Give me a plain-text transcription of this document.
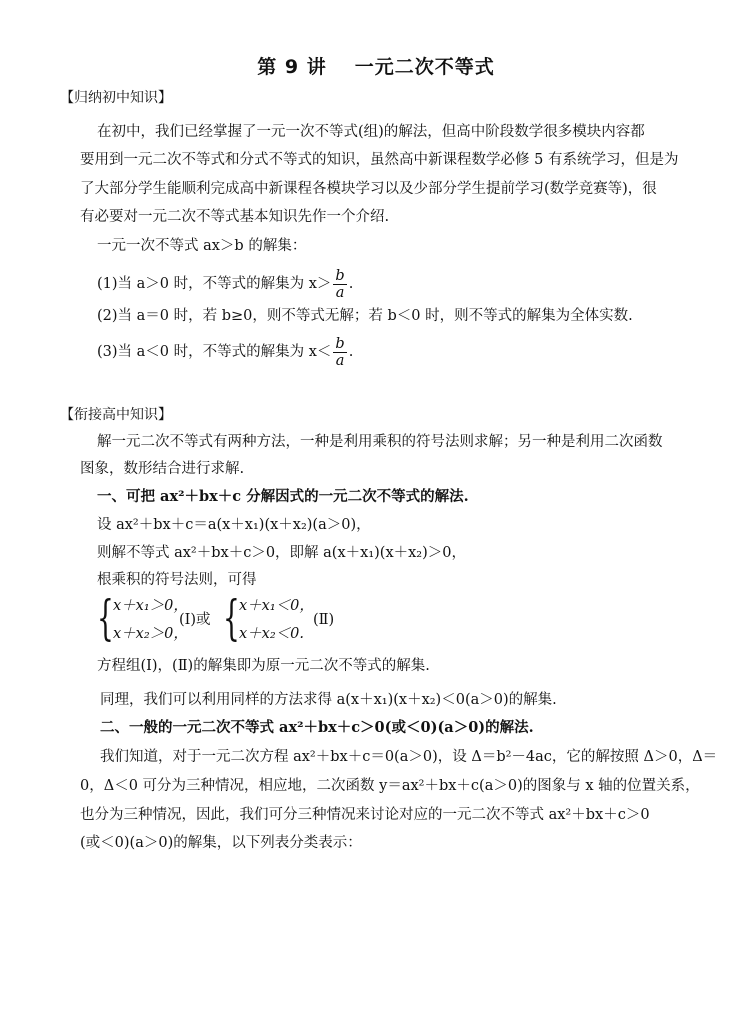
第 9 讲 一元二次不等式
【归纳初中知识】
在初中，我们已经掌握了一元一次不等式(组)的解法，但高中阶段数学很多模块内容都
要用到一元二次不等式和分式不等式的知识，虽然高中新课程数学必修 5 有系统学习，但是为
了大部分学生能顺利完成高中新课程各模块学习以及少部分学生提前学习(数学竞赛等)，很
有必要对一元二次不等式基本知识先作一个介绍.
一元一次不等式 ax＞b 的解集：
(1)当 a＞0 时，不等式的解集为 $x> \frac{b}{a}$ .
(2)当 a＝0 时，若 b≥0，则不等式无解；若 b＜0 时，则不等式的解集为全体实数.
(3)当 a＜0 时，不等式的解集为 $x< \frac{b}{a}$ .
【衔接高中知识】
解一元二次不等式有两种方法，一种是利用乘积的符号法则求解；另一种是利用二次函数
图象，数形结合进行求解.
一、可把 ax²＋bx＋c 分解因式的一元二次不等式的解法.
设 ax²＋bx＋c＝a(x＋x₁)(x＋x₂)(a＞0)，
则解不等式 ax²＋bx＋c＞0，即解 a(x＋x₁)(x＋x₂)＞0，
根乘积的符号法则，可得
{ x＋x₁＞0，
x＋x₂＞0，
(Ⅰ)或 { x＋x₁＜0，
x＋x₂＜0.
(Ⅱ)
方程组(Ⅰ)，(Ⅱ)的解集即为原一元二次不等式的解集.
同理，我们可以利用同样的方法求得 a(x＋x₁)(x＋x₂)＜0(a＞0)的解集.
二、一般的一元二次不等式 ax²＋bx＋c＞0(或＜0)(a＞0)的解法.
我们知道，对于一元二次方程 ax²＋bx＋c＝0(a＞0)，设 Δ＝b²－4ac，它的解按照 Δ＞0，Δ＝
0，Δ＜0 可分为三种情况，相应地，二次函数 y＝ax²＋bx＋c(a＞0)的图象与 x 轴的位置关系，
也分为三种情况，因此，我们可分三种情况来讨论对应的一元二次不等式 ax²＋bx＋c＞0
(或＜0)(a＞0)的解集，以下列表分类表示：
